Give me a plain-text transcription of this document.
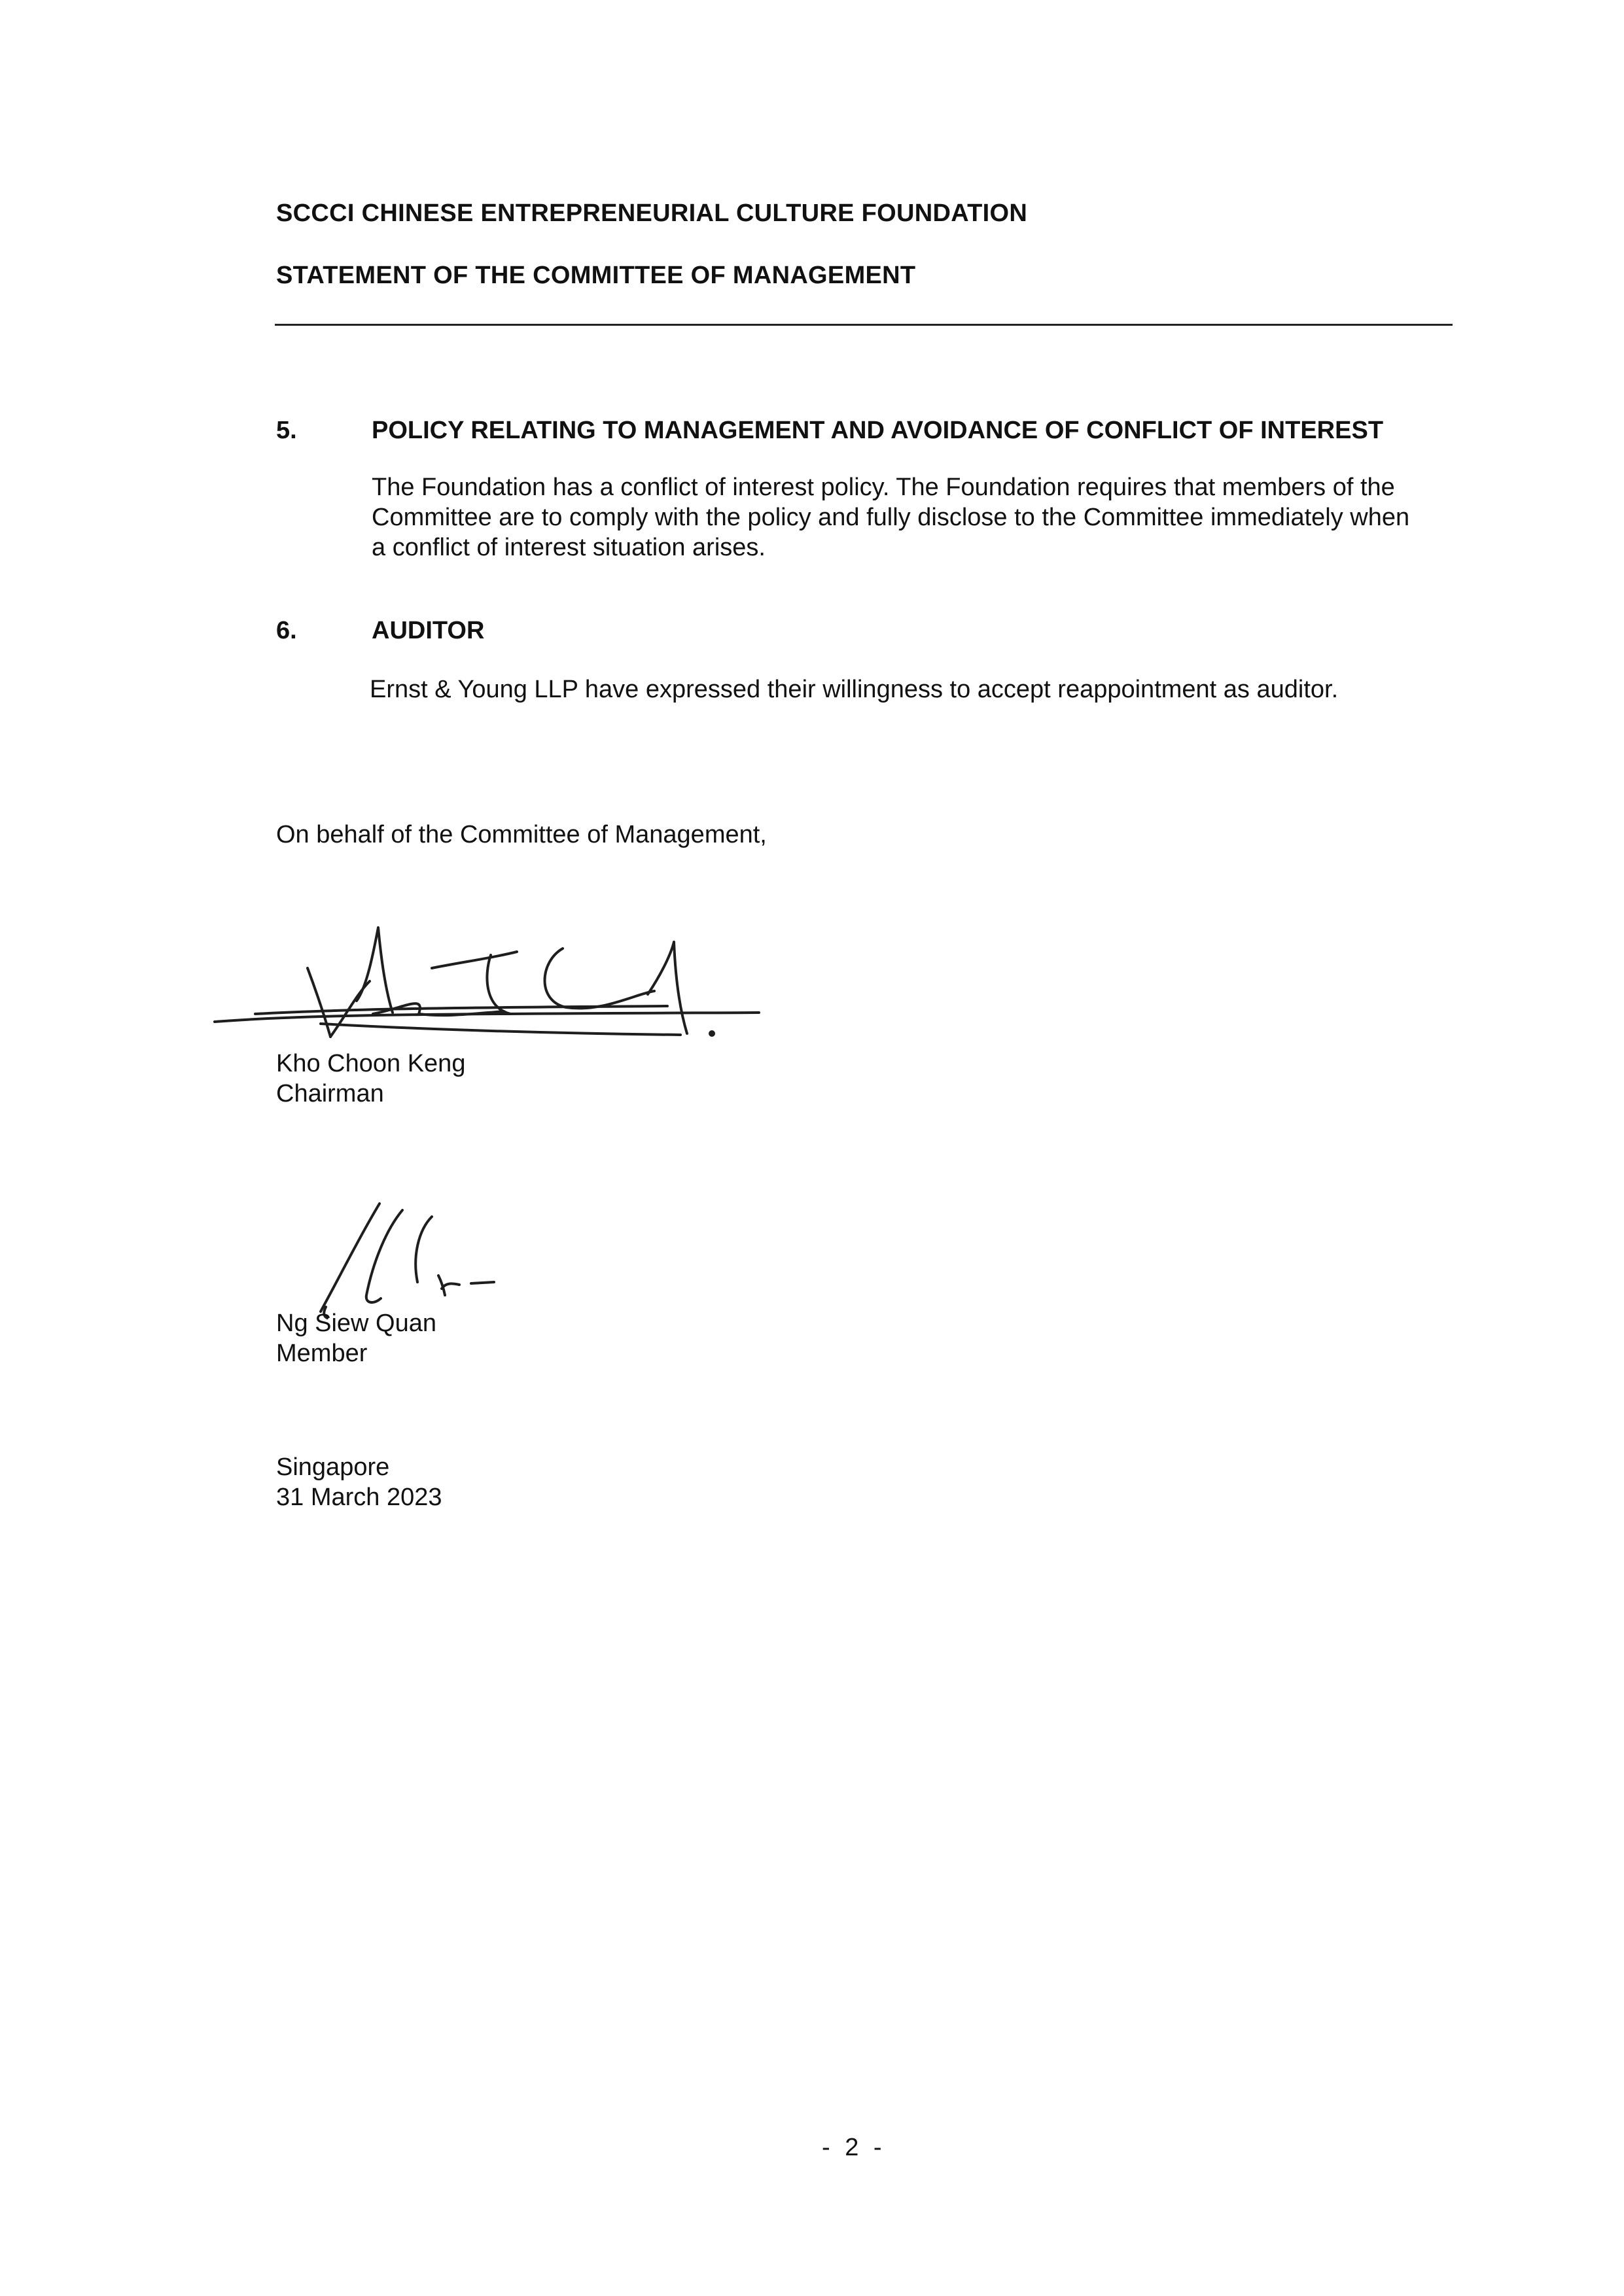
SCCCI CHINESE ENTREPRENEURIAL CULTURE FOUNDATION

STATEMENT OF THE COMMITTEE OF MANAGEMENT

5.	POLICY RELATING TO MANAGEMENT AND AVOIDANCE OF CONFLICT OF INTEREST

The Foundation has a conflict of interest policy. The Foundation requires that members of the
Committee are to comply with the policy and fully disclose to the Committee immediately when
a conflict of interest situation arises.

6.	AUDITOR

Ernst & Young LLP have expressed their willingness to accept reappointment as auditor.

On behalf of the Committee of Management,

Kho Choon Keng
Chairman
Ng Siew Quan
Member
Singapore
31 March 2023

- 2 -
